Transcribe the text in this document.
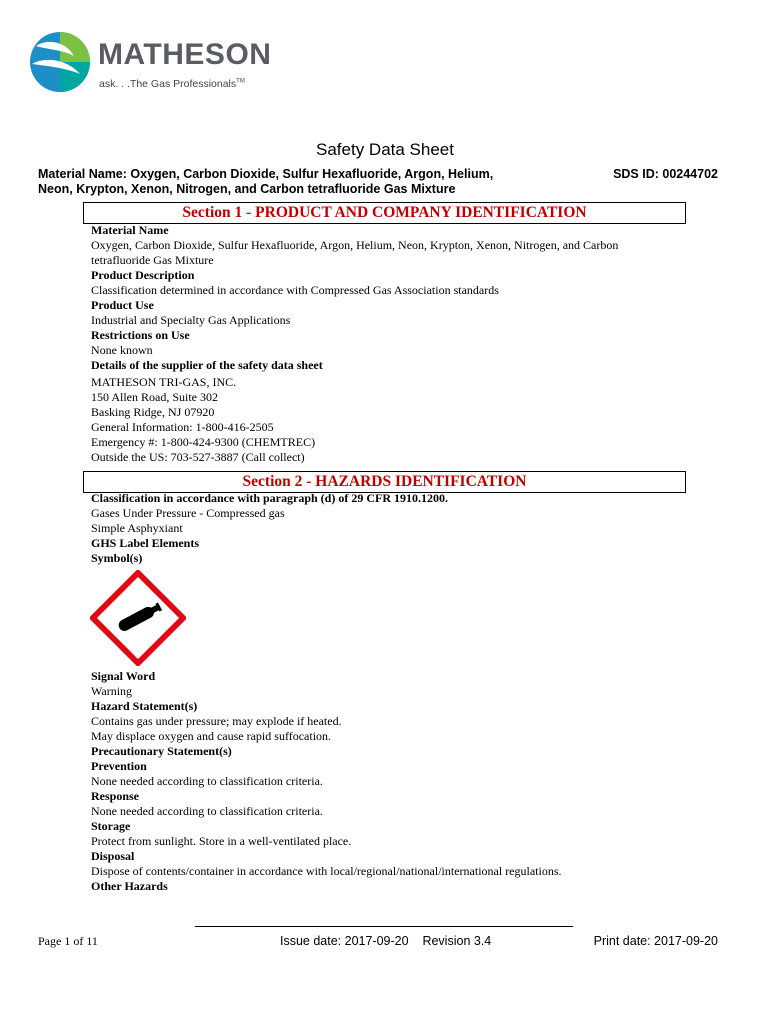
MATHESON
ask. . .The Gas Professionals™
Safety Data Sheet
Material Name: Oxygen, Carbon Dioxide, Sulfur Hexafluoride, Argon, Helium,
Neon, Krypton, Xenon, Nitrogen, and Carbon tetrafluoride Gas Mixture
SDS ID: 00244702
Section 1 - PRODUCT AND COMPANY IDENTIFICATION
Material Name
Oxygen, Carbon Dioxide, Sulfur Hexafluoride, Argon, Helium, Neon, Krypton, Xenon, Nitrogen, and Carbon
tetrafluoride Gas Mixture
Product Description
Classification determined in accordance with Compressed Gas Association standards
Product Use
Industrial and Specialty Gas Applications
Restrictions on Use
None known
Details of the supplier of the safety data sheet
MATHESON TRI-GAS, INC.
150 Allen Road, Suite 302
Basking Ridge, NJ 07920
General Information: 1-800-416-2505
Emergency #: 1-800-424-9300 (CHEMTREC)
Outside the US: 703-527-3887 (Call collect)
Section 2 - HAZARDS IDENTIFICATION
Classification in accordance with paragraph (d) of 29 CFR 1910.1200.
Gases Under Pressure - Compressed gas
Simple Asphyxiant
GHS Label Elements
Symbol(s)
Signal Word
Warning
Hazard Statement(s)
Contains gas under pressure; may explode if heated.
May displace oxygen and cause rapid suffocation.
Precautionary Statement(s)
Prevention
None needed according to classification criteria.
Response
None needed according to classification criteria.
Storage
Protect from sunlight. Store in a well-ventilated place.
Disposal
Dispose of contents/container in accordance with local/regional/national/international regulations.
Other Hazards
Page 1 of 11	Issue date: 2017-09-20    Revision 3.4	Print date: 2017-09-20
